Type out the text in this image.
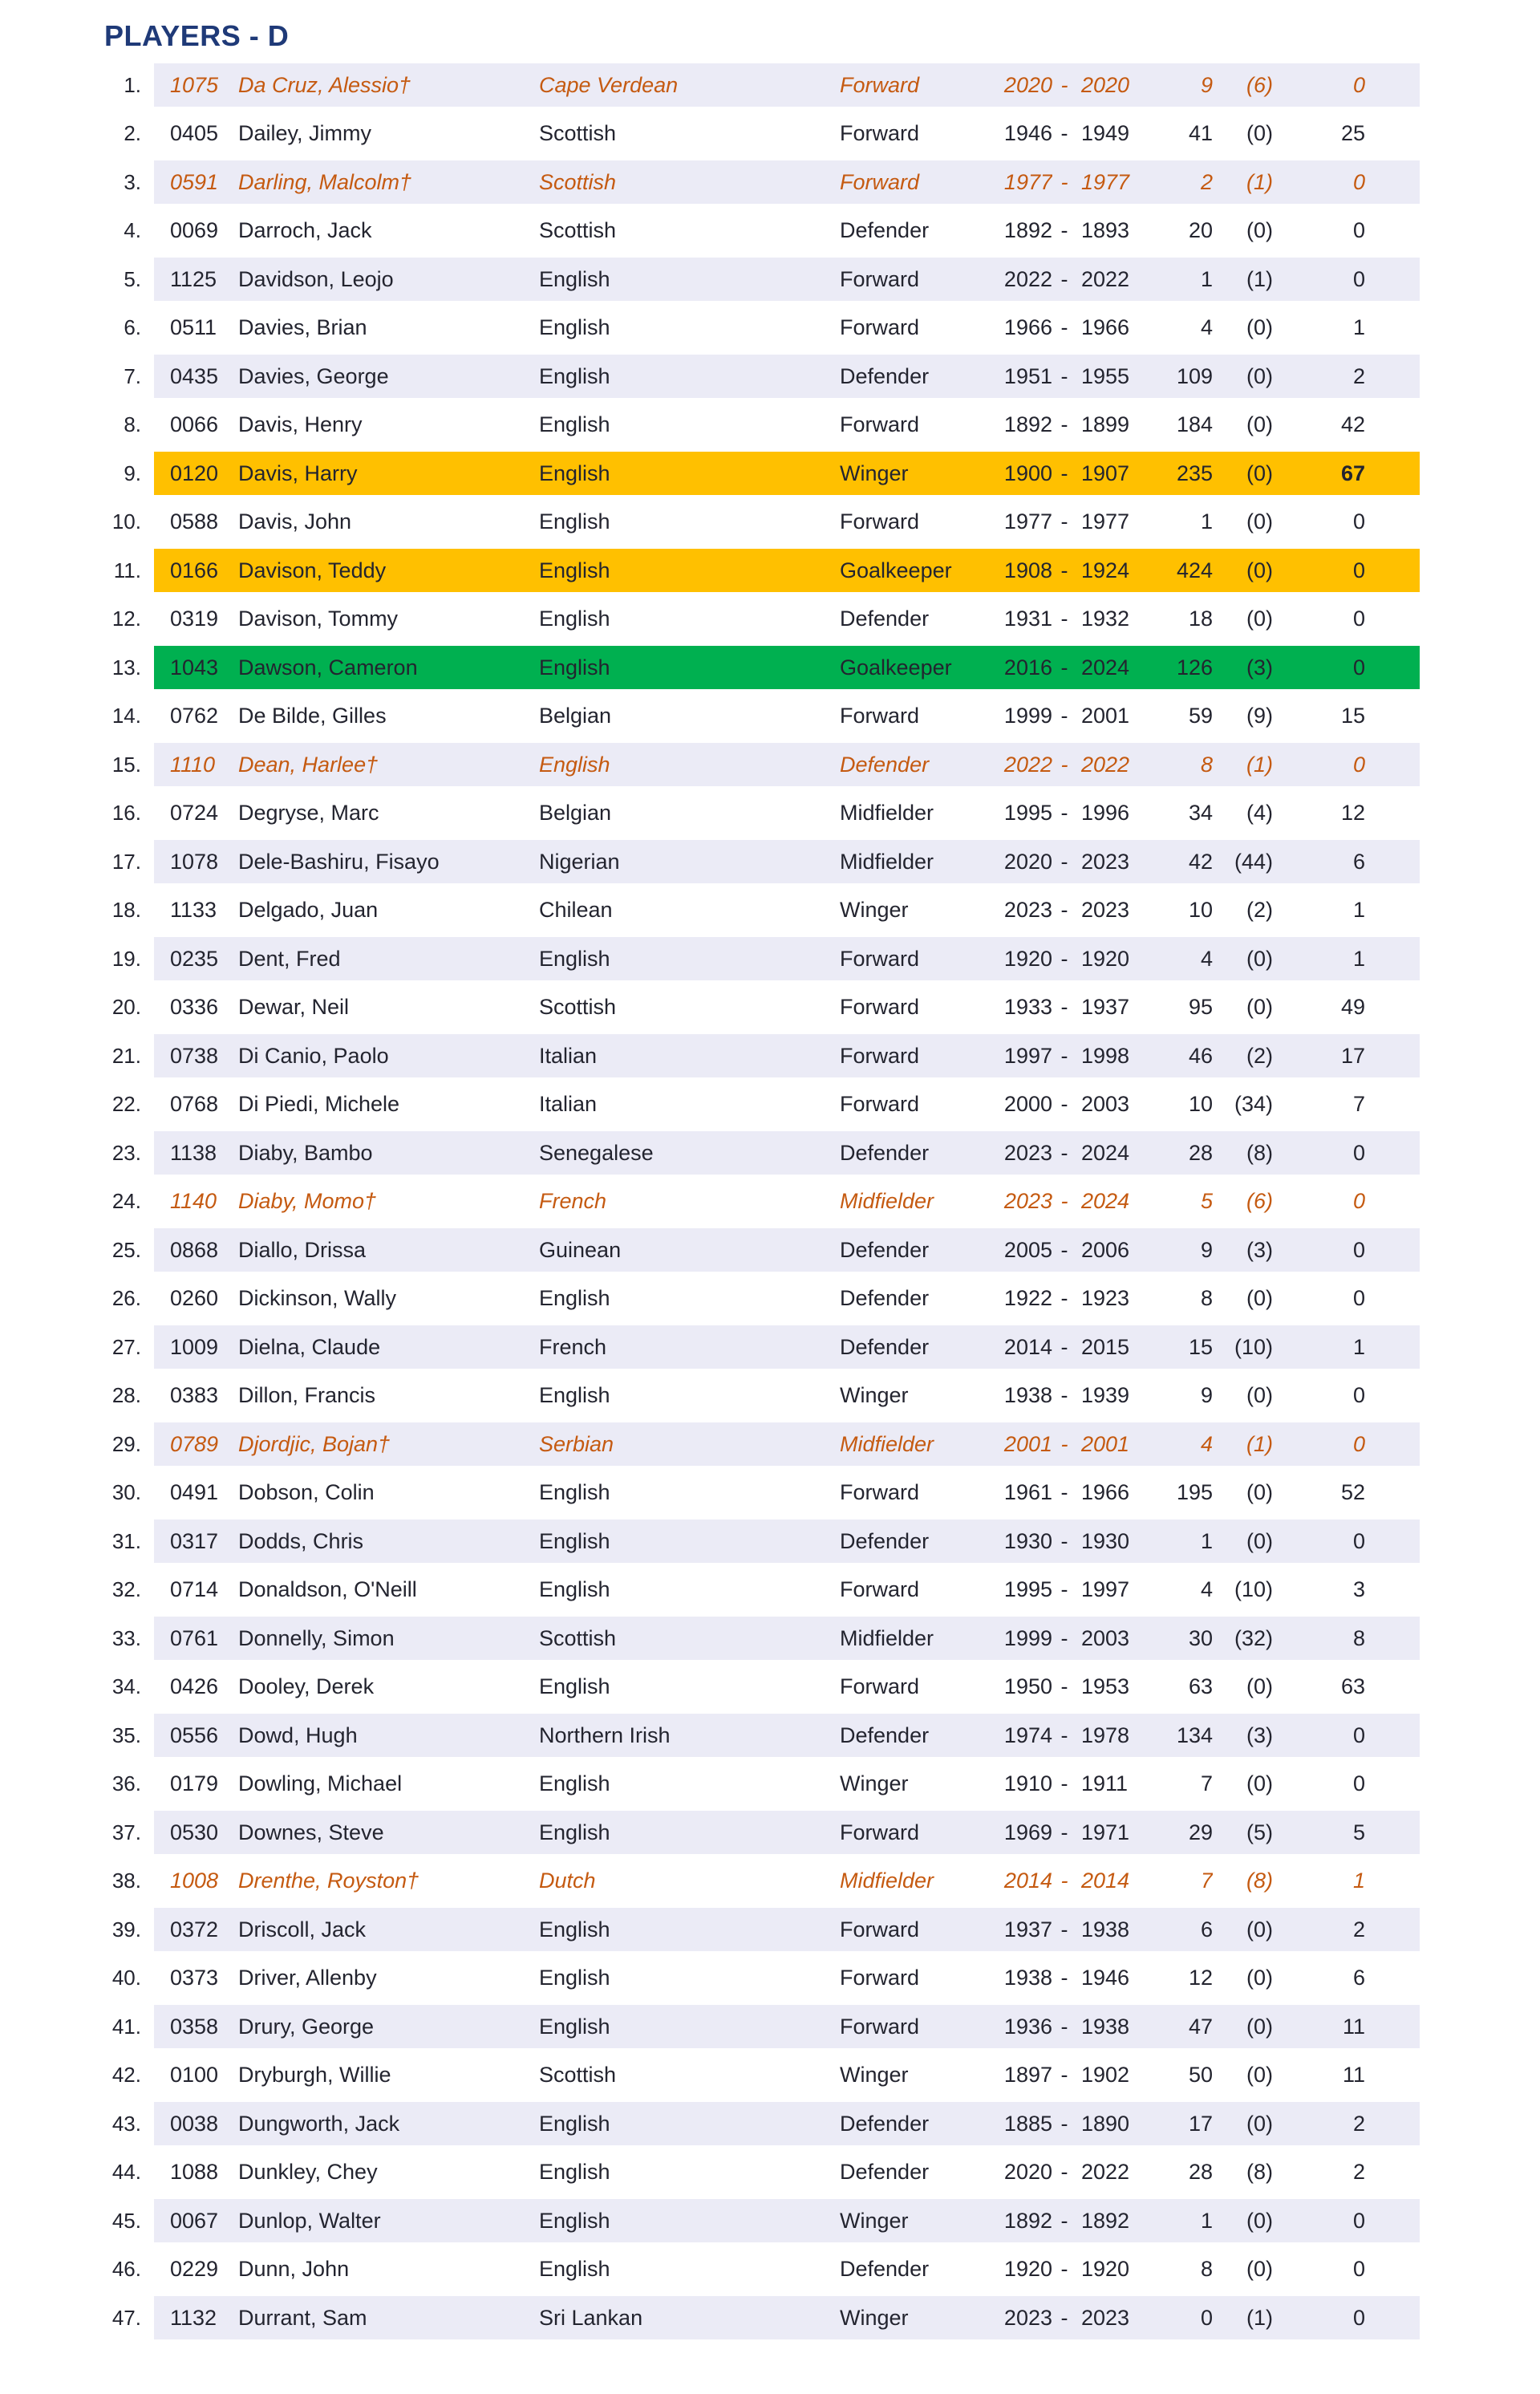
PLAYERS - D
1.	1075 Da Cruz, Alessio†	Cape Verdean	Forward	2020 - 2020	9	(6)	0
2.	0405 Dailey, Jimmy	Scottish	Forward	1946 - 1949	41	(0)	25
3.	0591 Darling, Malcolm†	Scottish	Forward	1977 - 1977	2	(1)	0
4.	0069 Darroch, Jack	Scottish	Defender	1892 - 1893	20	(0)	0
5.	1125 Davidson, Leojo	English	Forward	2022 - 2022	1	(1)	0
6.	0511 Davies, Brian	English	Forward	1966 - 1966	4	(0)	1
7.	0435 Davies, George	English	Defender	1951 - 1955	109	(0)	2
8.	0066 Davis, Henry	English	Forward	1892 - 1899	184	(0)	42
9.	0120 Davis, Harry	English	Winger	1900 - 1907	235	(0)	67
10.	0588 Davis, John	English	Forward	1977 - 1977	1	(0)	0
11.	0166 Davison, Teddy	English	Goalkeeper	1908 - 1924	424	(0)	0
12.	0319 Davison, Tommy	English	Defender	1931 - 1932	18	(0)	0
13.	1043 Dawson, Cameron	English	Goalkeeper	2016 - 2024	126	(3)	0
14.	0762 De Bilde, Gilles	Belgian	Forward	1999 - 2001	59	(9)	15
15.	1110	Dean, Harlee†	English	Defender	2022 - 2022	8	(1)	0
16.	0724 Degryse, Marc	Belgian	Midfielder	1995 - 1996	34	(4)	12
17.	1078 Dele-Bashiru, Fisayo	Nigerian	Midfielder	2020 - 2023	42 (44)	6
18.	1133 Delgado, Juan	Chilean	Winger	2023 - 2023	10	(2)	1
19.	0235 Dent, Fred	English	Forward	1920 - 1920	4	(0)	1
20.	0336 Dewar, Neil	Scottish	Forward	1933 - 1937	95	(0)	49
21.	0738 Di Canio, Paolo	Italian	Forward	1997 - 1998	46	(2)	17
22.	0768 Di Piedi, Michele	Italian	Forward	2000 - 2003	10 (34)	7
23.	1138 Diaby, Bambo	Senegalese	Defender	2023 - 2024	28	(8)	0
24.	1140 Diaby, Momo†	French	Midfielder	2023 - 2024	5	(6)	0
25.	0868 Diallo, Drissa	Guinean	Defender	2005 - 2006	9	(3)	0
26.	0260 Dickinson, Wally	English	Defender	1922 - 1923	8	(0)	0
27.	1009 Dielna, Claude	French	Defender	2014 - 2015	15 (10)	1
28.	0383 Dillon, Francis	English	Winger	1938 - 1939	9	(0)	0
29.	0789 Djordjic, Bojan†	Serbian	Midfielder	2001 - 2001	4	(1)	0
30.	0491 Dobson, Colin	English	Forward	1961 - 1966	195	(0)	52
31.	0317 Dodds, Chris	English	Defender	1930 - 1930	1	(0)	0
32.	0714 Donaldson, O'Neill	English	Forward	1995 - 1997	4 (10)	3
33.	0761 Donnelly, Simon	Scottish	Midfielder	1999 - 2003	30 (32)	8
34.	0426 Dooley, Derek	English	Forward	1950 - 1953	63	(0)	63
35.	0556 Dowd, Hugh	Northern Irish	Defender	1974 - 1978	134	(3)	0
36.	0179 Dowling, Michael	English	Winger	1910 - 1911	7	(0)	0
37.	0530 Downes, Steve	English	Forward	1969 - 1971	29	(5)	5
38.	1008 Drenthe, Royston†	Dutch	Midfielder	2014 - 2014	7	(8)	1
39.	0372 Driscoll, Jack	English	Forward	1937 - 1938	6	(0)	2
40.	0373 Driver, Allenby	English	Forward	1938 - 1946	12	(0)	6
41.	0358 Drury, George	English	Forward	1936 - 1938	47	(0)	11
42.	0100 Dryburgh, Willie	Scottish	Winger	1897 - 1902	50	(0)	11
43.	0038 Dungworth, Jack	English	Defender	1885 - 1890	17	(0)	2
44.	1088 Dunkley, Chey	English	Defender	2020 - 2022	28	(8)	2
45.	0067 Dunlop, Walter	English	Winger	1892 - 1892	1	(0)	0
46.	0229 Dunn, John	English	Defender	1920 - 1920	8	(0)	0
47.	1132 Durrant, Sam	Sri Lankan	Winger	2023 - 2023	0	(1)	0
